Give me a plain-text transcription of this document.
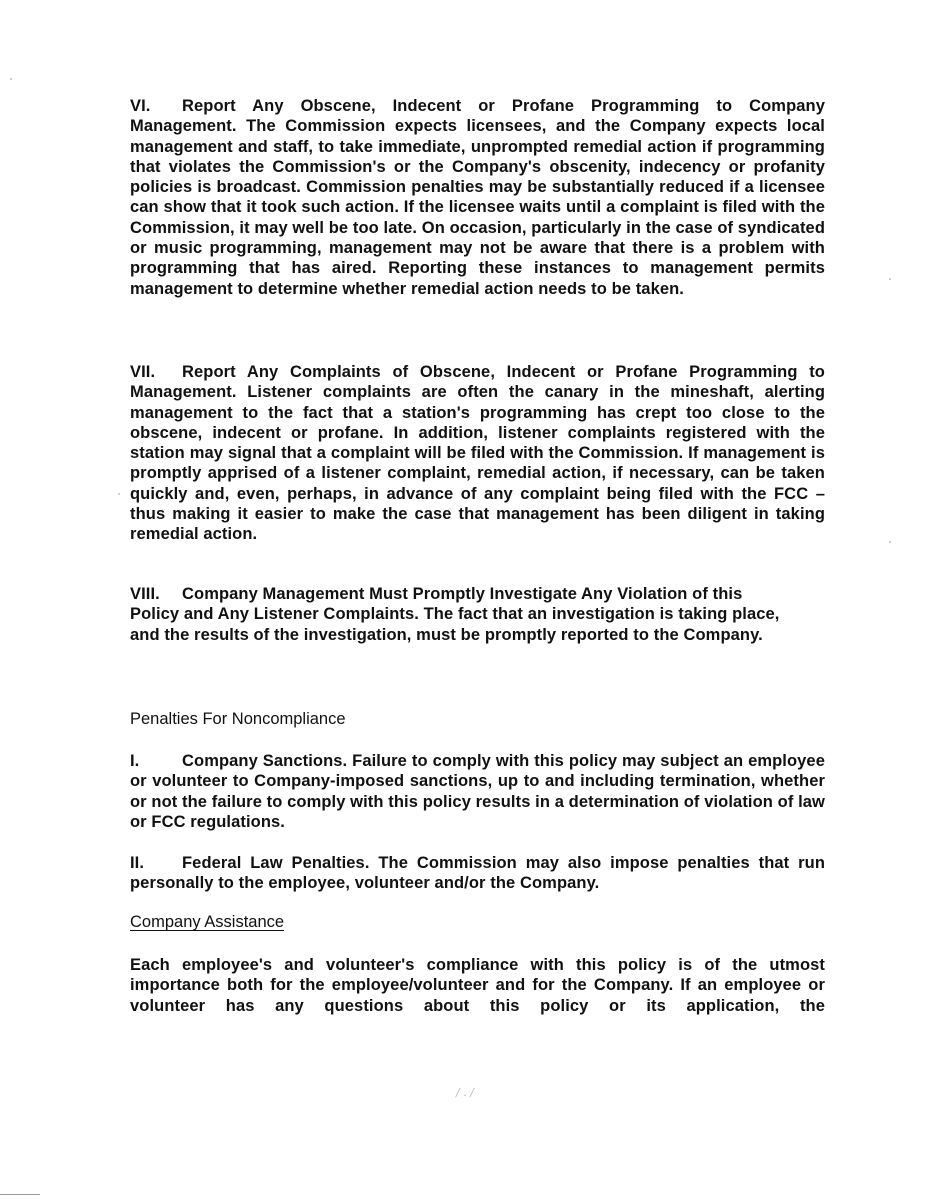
VI. Report Any Obscene, Indecent or Profane Programming to Company Management. The Commission expects licensees, and the Company expects local management and staff, to take immediate, unprompted remedial action if programming that violates the Commission's or the Company's obscenity, indecency or profanity policies is broadcast. Commission penalties may be substantially reduced if a licensee can show that it took such action. If the licensee waits until a complaint is filed with the Commission, it may well be too late. On occasion, particularly in the case of syndicated or music programming, management may not be aware that there is a problem with programming that has aired. Reporting these instances to management permits management to determine whether remedial action needs to be taken.

VII. Report Any Complaints of Obscene, Indecent or Profane Programming to Management. Listener complaints are often the canary in the mineshaft, alerting management to the fact that a station's programming has crept too close to the obscene, indecent or profane. In addition, listener complaints registered with the station may signal that a complaint will be filed with the Commission. If management is promptly apprised of a listener complaint, remedial action, if necessary, can be taken quickly and, even, perhaps, in advance of any complaint being filed with the FCC – thus making it easier to make the case that management has been diligent in taking remedial action.

VIII. Company Management Must Promptly Investigate Any Violation of this Policy and Any Listener Complaints. The fact that an investigation is taking place, and the results of the investigation, must be promptly reported to the Company.

Penalties For Noncompliance

I.	Company Sanctions. Failure to comply with this policy may subject an employee or volunteer to Company-imposed sanctions, up to and including termination, whether or not the failure to comply with this policy results in a determination of violation of law or FCC regulations.

II. Federal Law Penalties. The Commission may also impose penalties that run personally to the employee, volunteer and/or the Company.

Company Assistance

Each employee's and volunteer's compliance with this policy is of the utmost importance both for the employee/volunteer and for the Company. If an employee or volunteer has any questions about this policy or its application, the

/ . /
